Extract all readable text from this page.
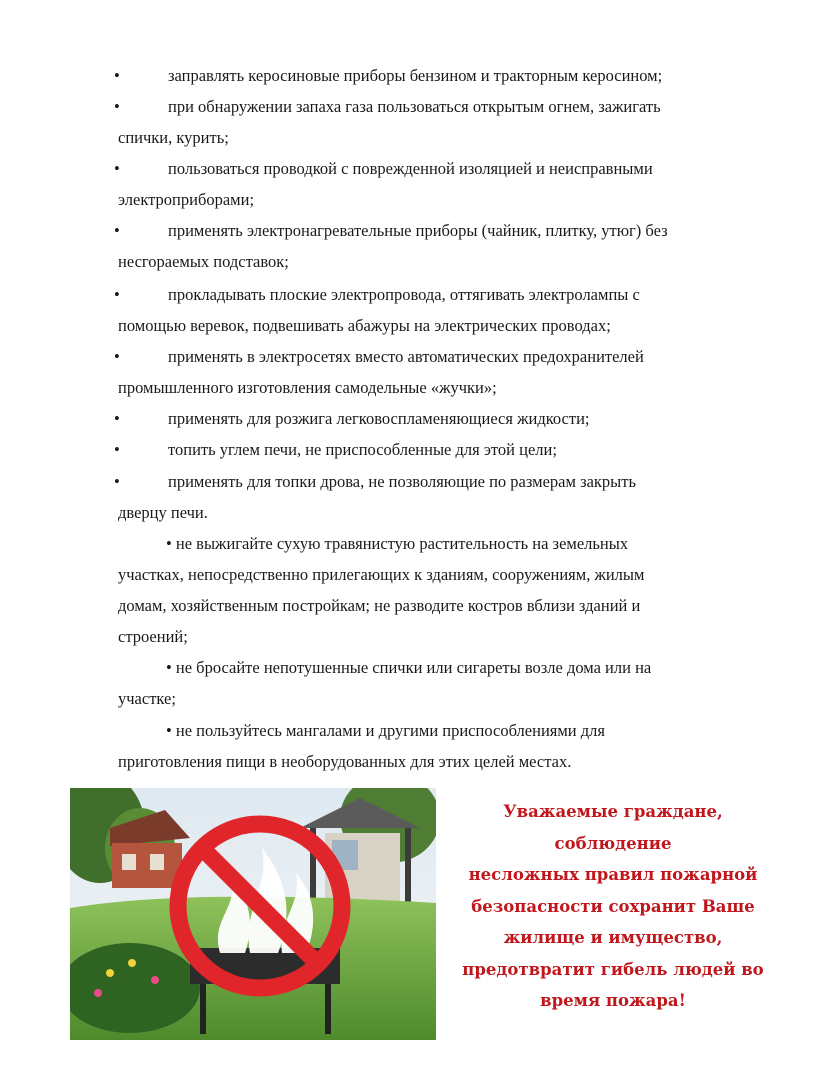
•	заправлять керосиновые приборы бензином и тракторным керосином;
•	при обнаружении запаха газа пользоваться открытым огнем, зажигать
спички, курить;
•	пользоваться проводкой с поврежденной изоляцией и неисправными
электроприборами;
•	применять электронагревательные приборы (чайник, плитку, утюг) без
несгораемых подставок;
•	прокладывать плоские электропровода, оттягивать электролампы с
помощью веревок, подвешивать абажуры на электрических проводах;
•	применять в электросетях вместо автоматических предохранителей
промышленного изготовления самодельные «жучки»;
•	применять для розжига легковоспламеняющиеся жидкости;
•	топить углем печи, не приспособленные для этой цели;
•	применять для топки дрова, не позволяющие по размерам закрыть
дверцу печи.
• не выжигайте сухую травянистую растительность на земельных
участках, непосредственно прилегающих к зданиям, сооружениям, жилым
домам, хозяйственным постройкам; не разводите костров вблизи зданий и
строений;
• не бросайте непотушенные спички или сигареты возле дома или на
участке;
• не пользуйтесь мангалами и другими приспособлениями для
приготовления пищи в необорудованных для этих целей местах.
Уважаемые граждане, соблюдение
несложных правил пожарной
безопасности сохранит Ваше
жилище и имущество,
предотвратит гибель людей во
время пожара!
